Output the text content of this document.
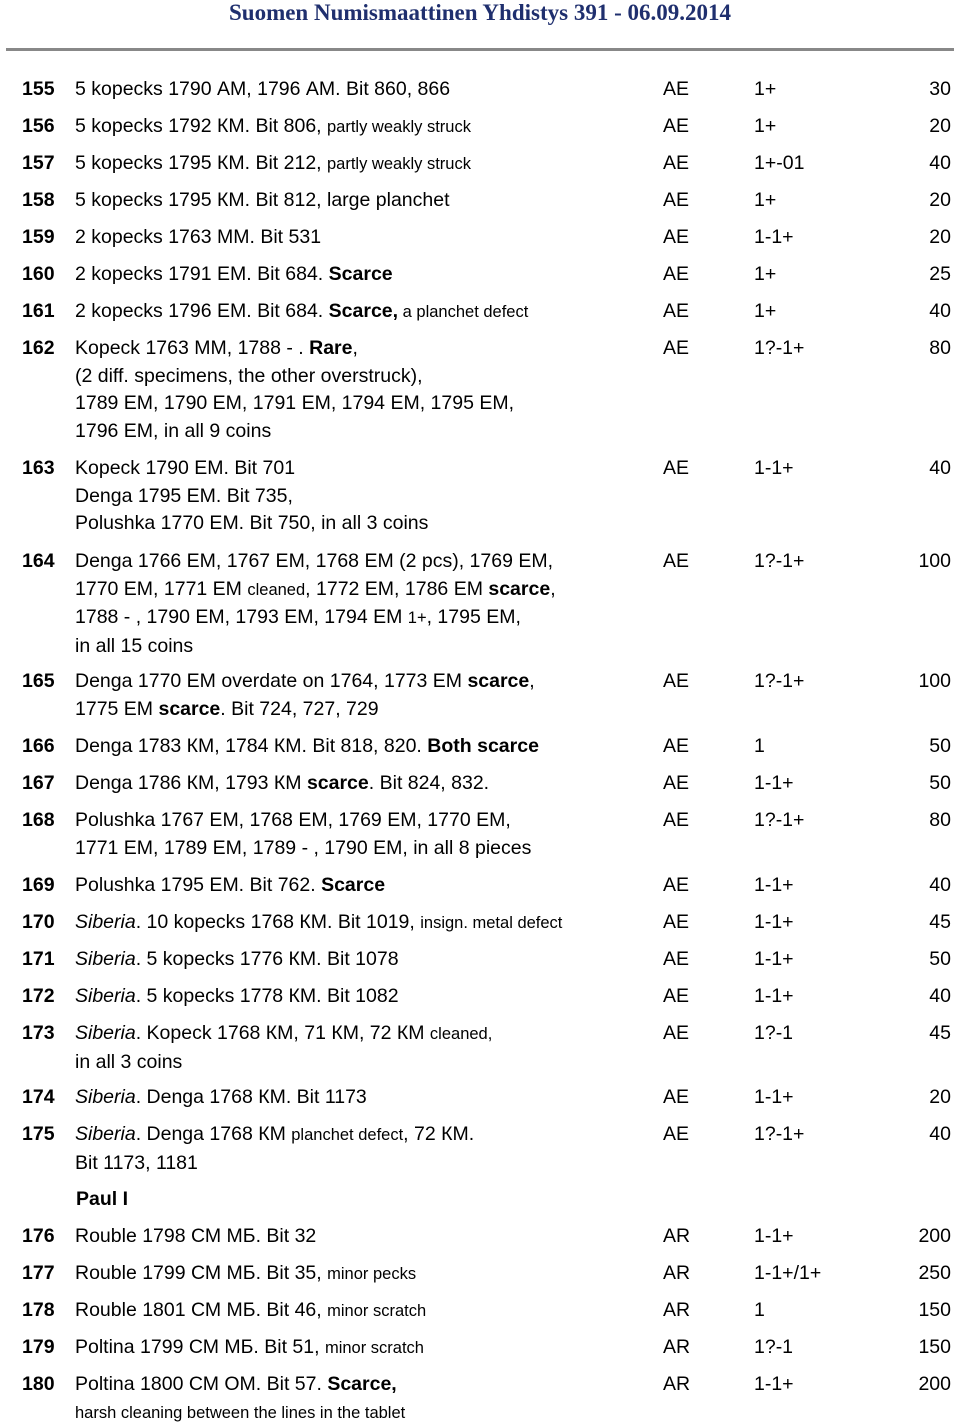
Suomen Numismaattinen Yhdistys 391 - 06.09.2014
155 5 kopecks 1790 АМ, 1796 АМ. Bit 860, 866	AE	1+	30
156 5 kopecks 1792 КМ. Bit 806, partly weakly struck	AE	1+	20
157 5 kopecks 1795 КМ. Bit 212, partly weakly struck	AE	1+-01	40
158 5 kopecks 1795 КМ. Bit 812, large planchet	AE	1+	20
159 2 kopecks 1763 ММ. Bit 531	AE	1-1+	20
160 2 kopecks 1791 ЕМ. Bit 684. Scarce	AE	1+	25
161 2 kopecks 1796 ЕМ. Bit 684. Scarce, a planchet defect	AE	1+	40
162 Kopeck 1763 ММ, 1788 - . Rare,
(2 diff. specimens, the other overstruck),
1789 ЕМ, 1790 ЕМ, 1791 ЕМ, 1794 ЕМ, 1795 ЕМ,
1796 ЕМ, in all 9 coins
AE	1?-1+	80
163 Kopeck 1790 ЕМ. Bit 701
Denga 1795 ЕМ. Bit 735,
Polushka 1770 ЕМ. Bit 750, in all 3 coins
AE	1-1+	40
164 Denga 1766 ЕМ, 1767 ЕМ, 1768 ЕМ (2 pcs), 1769 ЕМ,
1770 ЕМ, 1771 ЕМ cleaned, 1772 ЕМ, 1786 ЕМ scarce,
1788 - , 1790 ЕМ, 1793 ЕМ, 1794 ЕМ 1+, 1795 ЕМ,
in all 15 coins
AE	1?-1+	100
165 Denga 1770 ЕМ overdate on 1764, 1773 ЕМ scarce,
1775 ЕМ scarce. Bit 724, 727, 729
AE	1?-1+	100
166 Denga 1783 КМ, 1784 КМ. Bit 818, 820. Both scarce	AE	1	50
167 Denga 1786 КМ, 1793 КМ scarce. Bit 824, 832.	AE	1-1+	50
168 Polushka 1767 ЕМ, 1768 ЕМ, 1769 ЕМ, 1770 ЕМ,
1771 ЕМ, 1789 ЕМ, 1789 - , 1790 ЕМ, in all 8 pieces
AE	1?-1+	80
169 Polushka 1795 ЕМ. Bit 762. Scarce	AE	1-1+	40
170 Siberia. 10 kopecks 1768 КМ. Bit 1019, insign. metal defect	AE	1-1+	45
171 Siberia. 5 kopecks 1776 КМ. Bit 1078	AE	1-1+	50
172 Siberia. 5 kopecks 1778 КМ. Bit 1082	AE	1-1+	40
173 Siberia. Kopeck 1768 КМ, 71 КМ, 72 КМ cleaned,
in all 3 coins
AE	1?-1	45
174 Siberia. Denga 1768 КМ. Bit 1173	AE	1-1+	20
175 Siberia. Denga 1768 КМ planchet defect, 72 КМ.
Bit 1173, 1181
AE	1?-1+	40
176 Rouble 1798 СМ МБ. Bit 32	AR	1-1+	200
177 Rouble 1799 СМ МБ. Bit 35, minor pecks	AR	1-1+/1+	250
178 Rouble 1801 СМ МБ. Bit 46, minor scratch	AR	1	150
179 Poltina 1799 СМ МБ. Bit 51, minor scratch	AR	1?-1	150
180 Poltina 1800 СМ ОМ. Bit 57. Scarce,
harsh cleaning between the lines in the tablet
AR	1-1+	200
Paul I
